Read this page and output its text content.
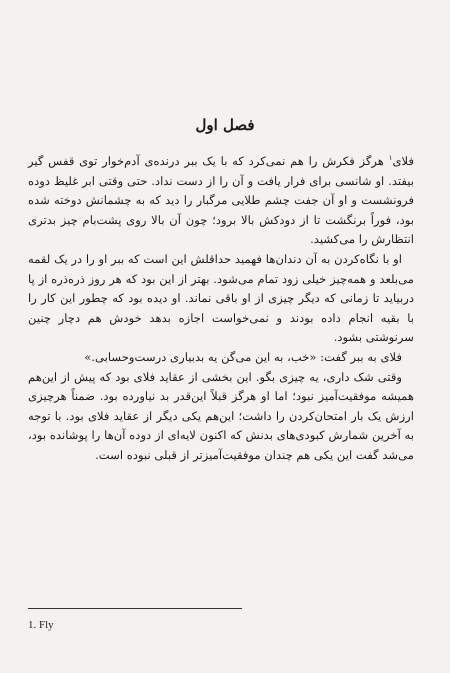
فصل اول

فلای$^۱$ هرگز فکرش را هم نمی‌کرد که با یک ببر درنده‌ی آدم‌خوار توی قفس گیر بیفتد. او شانسی برای فرار یافت و آن را از دست نداد. حتی وقتی ابر غلیظ دوده فرونشست و او آن جفت چشم طلایی مرگبار را دید که به چشمانش دوخته شده بود، فوراً برنگشت تا از دودکش بالا برود؛ چون آن بالا روی پشت‌بام چیز بدتری انتظارش را می‌کشید.

او با نگاه‌کردن به آن دندان‌ها فهمید حداقلش این است که ببر او را در یک لقمه می‌بلعد و همه‌چیز خیلی زود تمام می‌شود. بهتر از این بود که هر روز ذره‌ذره از پا دربیاید تا زمانی که دیگر چیزی از او باقی نماند. او دیده بود که چطور این کار را با بقیه انجام داده بودند و نمی‌خواست اجازه بدهد خودش هم دچار چنین سرنوشتی بشود.

فلای به ببر گفت: «خب، به این می‌گن یه بدبیاری درست‌وحسابی.»

وقتی شک داری، یه چیزی بگو. این بخشی از عقاید فلای بود که پیش از این‌هم همیشه موفقیت‌آمیز نبود؛ اما او هرگز قبلاً این‌قدر بد نیاورده بود. ضمناً هرچیزی ارزش یک بار امتحان‌کردن را داشت؛ این‌هم یکی دیگر از عقاید فلای بود. با توجه به آخرین شمارش کبودی‌های بدنش که اکنون لایه‌ای از دوده آن‌ها را پوشانده بود، می‌شد گفت این یکی هم چندان موفقیت‌آمیزتر از قبلی نبوده است.

1. Fly
